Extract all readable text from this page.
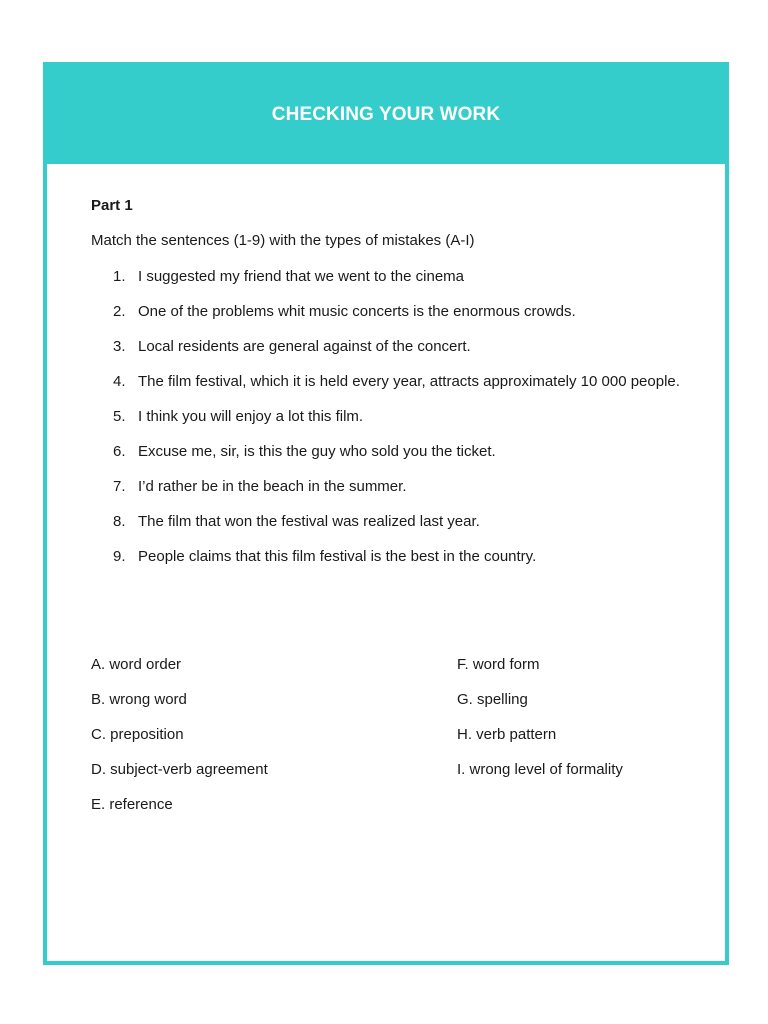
CHECKING YOUR WORK
Part 1
Match the sentences (1-9) with the types of mistakes (A-I)
1. I suggested my friend that we went to the cinema
2. One of the problems whit music concerts is the enormous crowds.
3. Local residents are general against of the concert.
4. The film festival, which it is held every year, attracts approximately 10 000 people.
5. I think you will enjoy a lot this film.
6. Excuse me, sir, is this the guy who sold you the ticket.
7. I’d rather be in the beach in the summer.
8. The film that won the festival was realized last year.
9. People claims that this film festival is the best in the country.
A. word order
B. wrong word
C. preposition
D. subject-verb agreement
E. reference
F. word form
G. spelling
H. verb pattern
I. wrong level of formality
